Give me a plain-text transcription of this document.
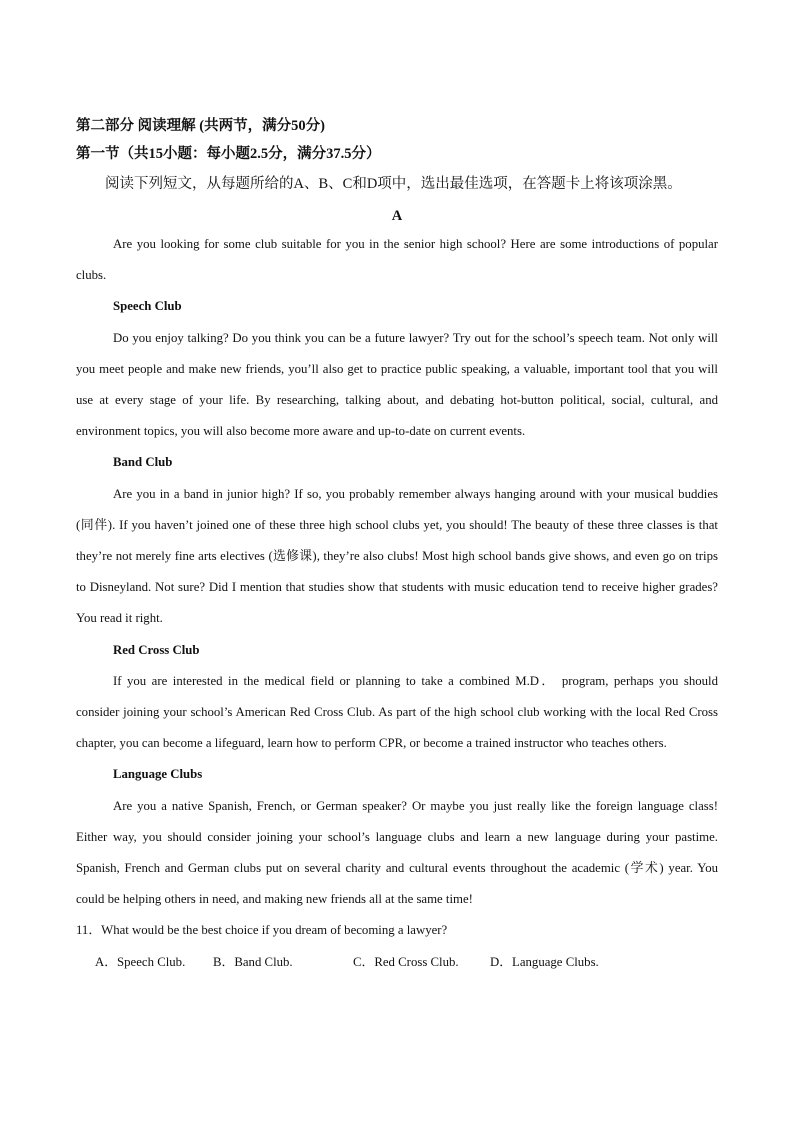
第二部分 阅读理解 (共两节，满分50分)

第一节（共15小题：每小题2.5分，满分37.5分）

阅读下列短文，从每题所给的A、B、C和D项中，选出最佳选项，在答题卡上将该项涂黑。

A

Are you looking for some club suitable for you in the senior high school? Here are some introductions of popular clubs.

Speech Club

Do you enjoy talking? Do you think you can be a future lawyer? Try out for the school’s speech team. Not only will you meet people and make new friends, you’ll also get to practice public speaking, a valuable, important tool that you will use at every stage of your life. By researching, talking about, and debating hot-button political, social, cultural, and environment topics, you will also become more aware and up-to-date on current events.

Band Club

Are you in a band in junior high? If so, you probably remember always hanging around with your musical buddies (同伴). If you haven’t joined one of these three high school clubs yet, you should! The beauty of these three classes is that they’re not merely fine arts electives (选修课), they’re also clubs! Most high school bands give shows, and even go on trips to Disneyland. Not sure? Did I mention that studies show that students with music education tend to receive higher grades? You read it right.

Red Cross Club

If you are interested in the medical field or planning to take a combined M.D． program, perhaps you should consider joining your school’s American Red Cross Club. As part of the high school club working with the local Red Cross chapter, you can become a lifeguard, learn how to perform CPR, or become a trained instructor who teaches others.

Language Clubs

Are you a native Spanish, French, or German speaker? Or maybe you just really like the foreign language class! Either way, you should consider joining your school’s language clubs and learn a new language during your pastime. Spanish, French and German clubs put on several charity and cultural events throughout the academic (学术) year. You could be helping others in need, and making new friends all at the same time!

11．What would be the best choice if you dream of becoming a lawyer?

A．Speech Club. B．Band Club.	C．Red Cross Club. D．Language Clubs.
